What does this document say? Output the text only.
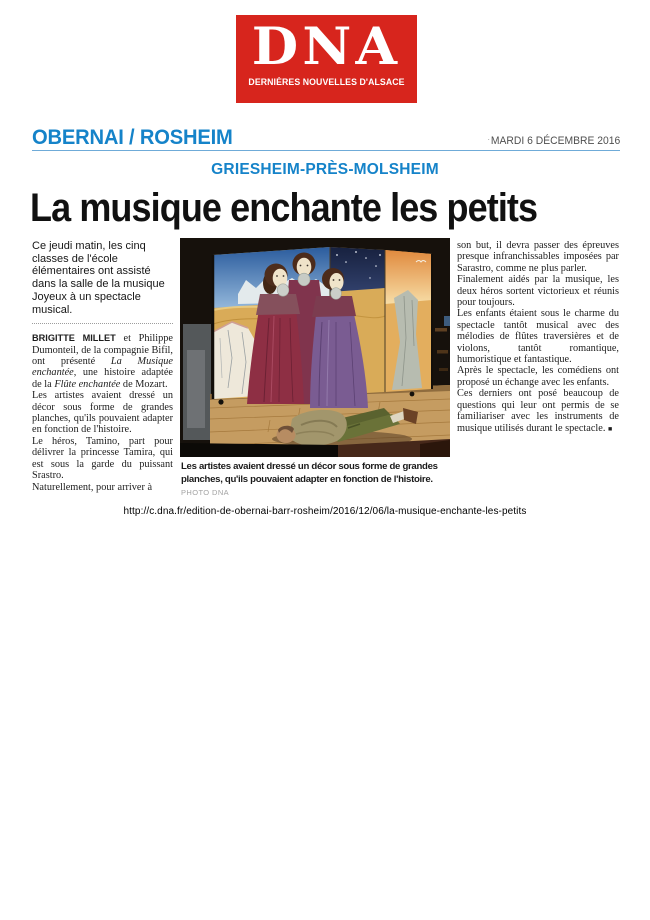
DNA
DERNIÈRES NOUVELLES D'ALSACE
OBERNAI / ROSHEIM	·MARDI 6 DÉCEMBRE 2016
GRIESHEIM-PRÈS-MOLSHEIM
La musique enchante les petits

Ce jeudi matin, les cinq classes de l'école élémentaires ont assisté dans la salle de la musique Joyeux à un spectacle musical.

BRIGITTE MILLET et Philippe Dumonteil, de la compagnie Bifil, ont présenté La Musique enchantée, une histoire adaptée de la Flûte enchantée de Mozart.

Les artistes avaient dressé un décor sous forme de grandes planches, qu'ils pouvaient adapter en fonction de l'histoire.

Le héros, Tamino, part pour délivrer la princesse Tamira, qui est sous la garde du puissant Srastro.

Naturellement, pour arriver à

Les artistes avaient dressé un décor sous forme de grandes planches, qu'ils pouvaient adapter en fonction de l'histoire.

PHOTO DNA

son but, il devra passer des épreuves presque infranchissables imposées par Sarastro, comme ne plus parler.

Finalement aidés par la musique, les deux héros sortent victorieux et réunis pour toujours.

Les enfants étaient sous le charme du spectacle tantôt musical avec des mélodies de flûtes traversières et de violons, tantôt romantique, humoristique et fantastique.

Après le spectacle, les comédiens ont proposé un échange avec les enfants.

Ces derniers ont posé beaucoup de questions qui leur ont permis de se familiariser avec les instruments de musique utilisés durant le spectacle. ■

http://c.dna.fr/edition-de-obernai-barr-rosheim/2016/12/06/la-musique-enchante-les-petits
